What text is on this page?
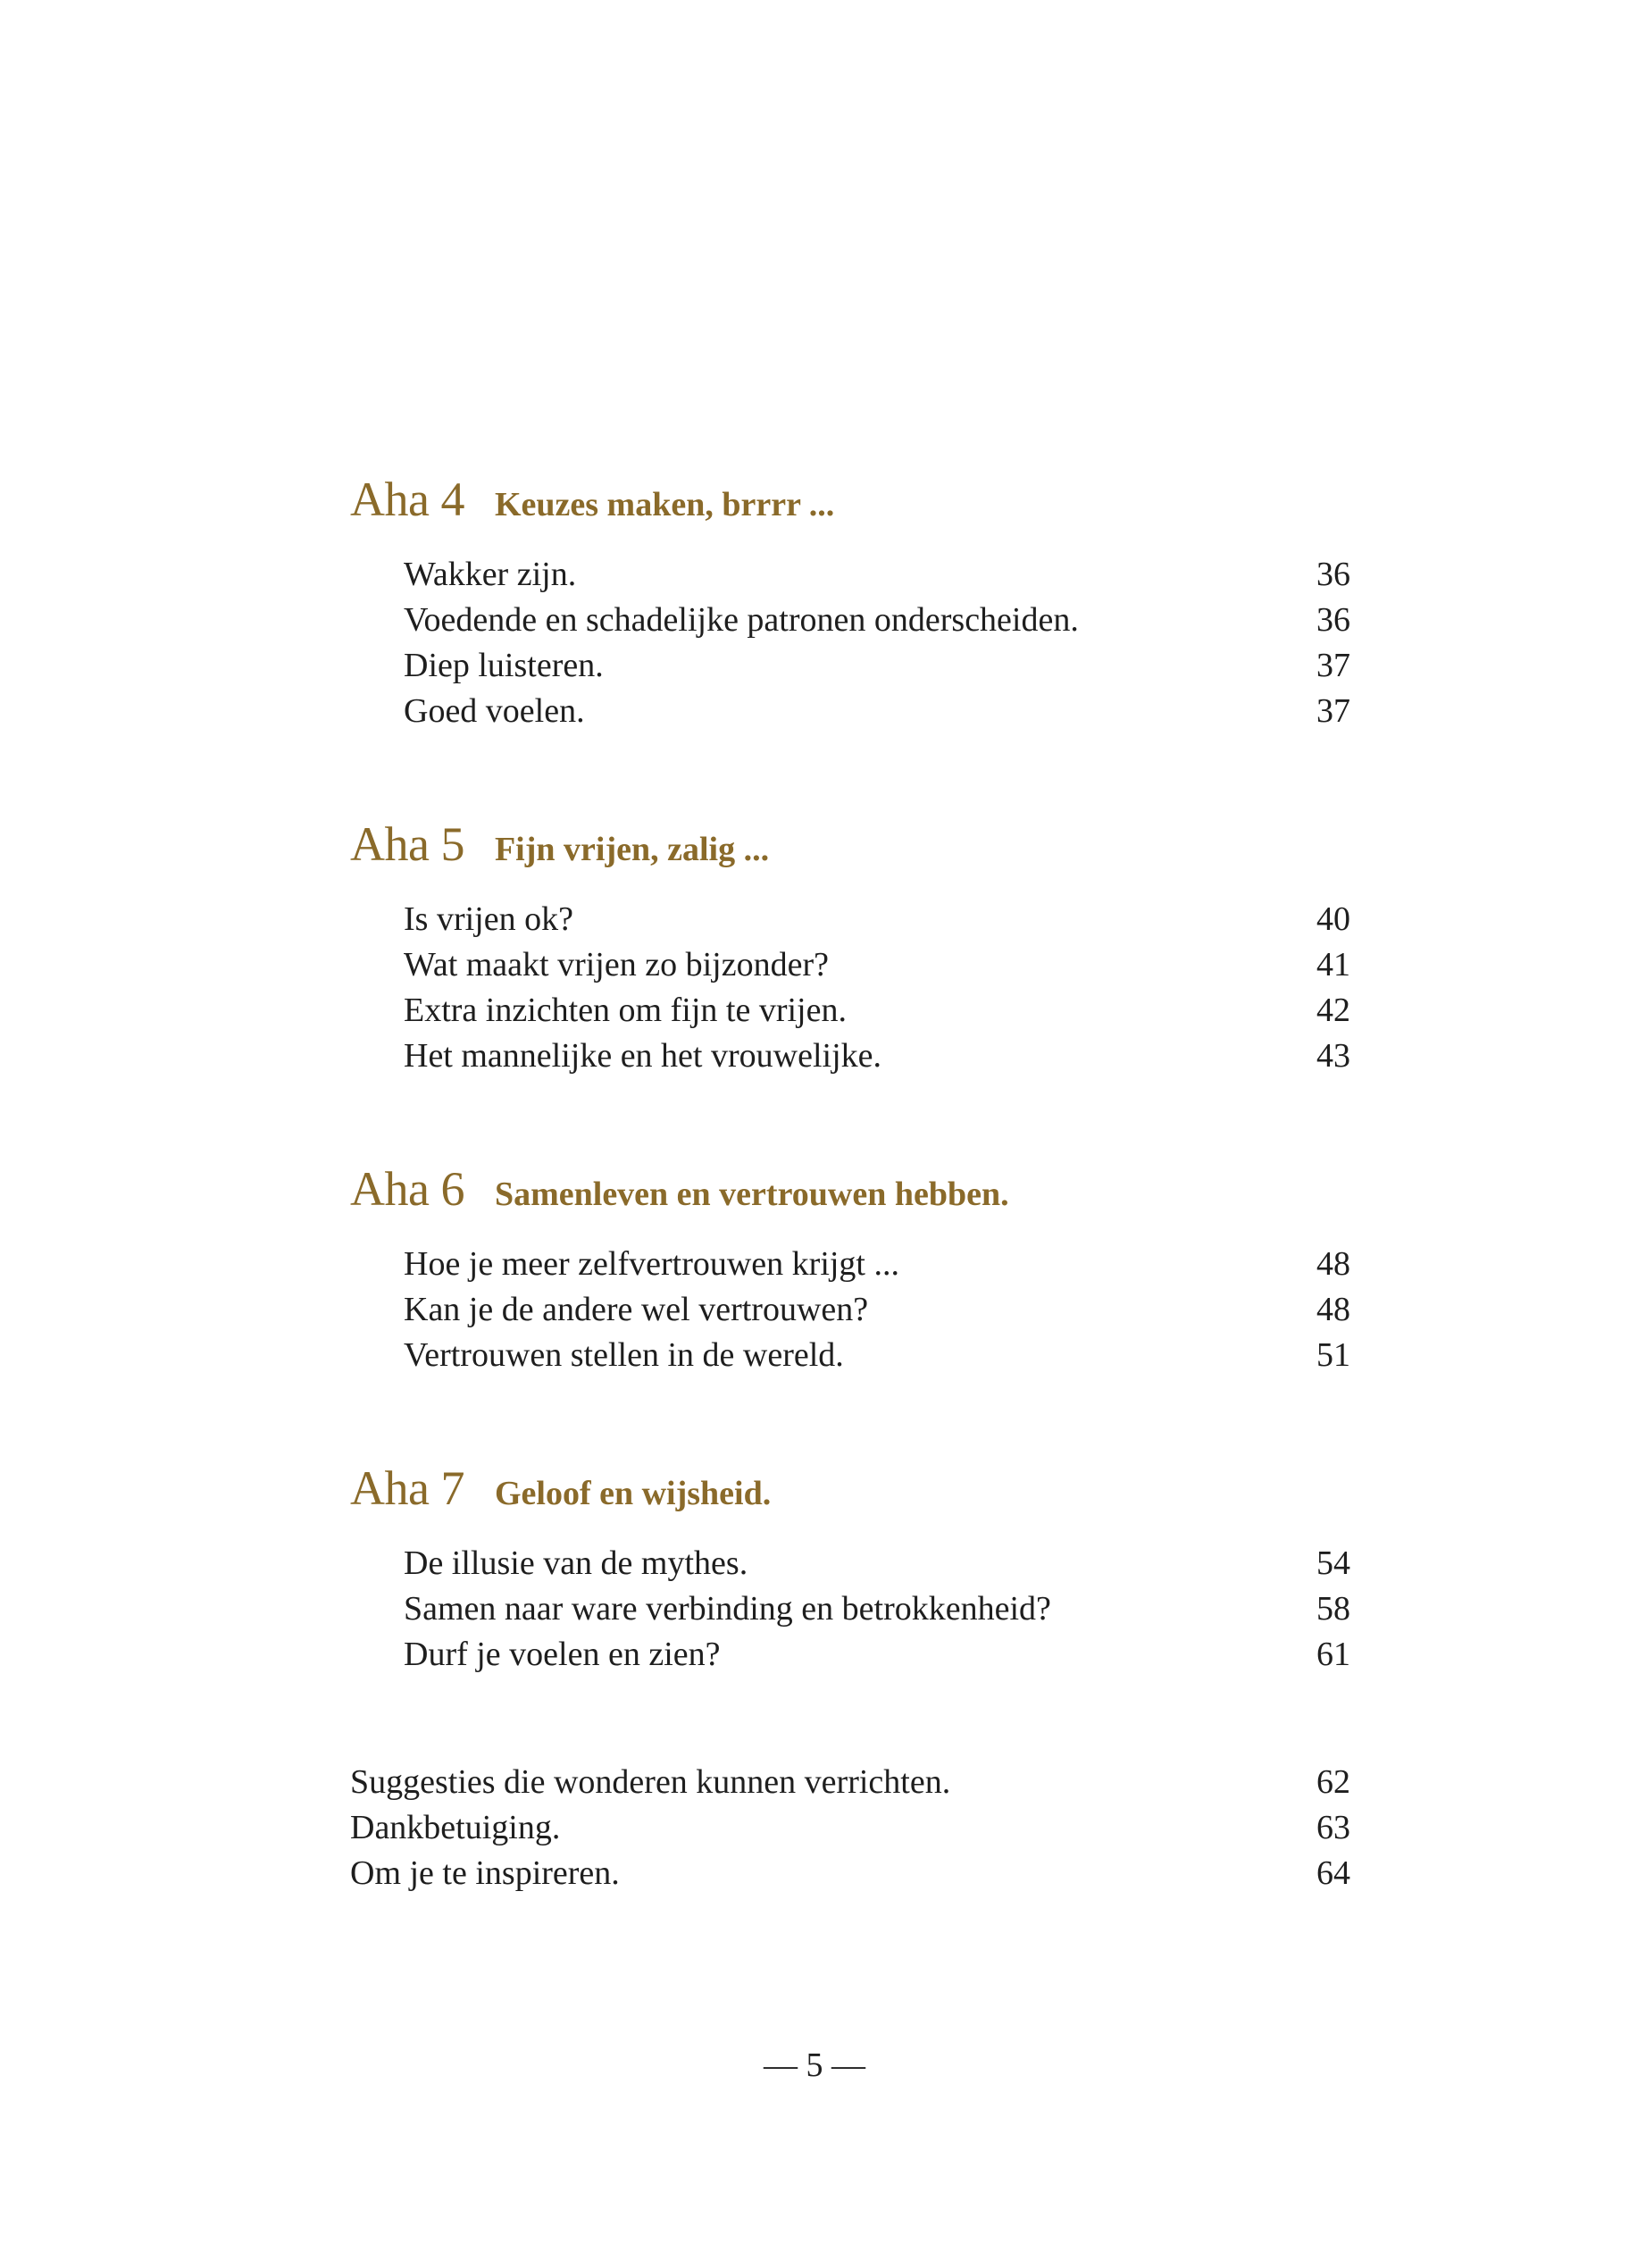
Aha 4 Keuzes maken, brrrr ...
Wakker zijn.	36
Voedende en schadelijke patronen onderscheiden.	36
Diep luisteren.	37
Goed voelen.	37
Aha 5 Fijn vrijen, zalig ...
Is vrijen ok?	40
Wat maakt vrijen zo bijzonder?	41
Extra inzichten om fijn te vrijen.	42
Het mannelijke en het vrouwelijke.	43
Aha 6 Samenleven en vertrouwen hebben.
Hoe je meer zelfvertrouwen krijgt ...	48
Kan je de andere wel vertrouwen?	48
Vertrouwen stellen in de wereld.	51
Aha 7 Geloof en wijsheid.
De illusie van de mythes.	54
Samen naar ware verbinding en betrokkenheid?	58
Durf je voelen en zien?	61
Suggesties die wonderen kunnen verrichten.	62
Dankbetuiging.	63
Om je te inspireren.	64
— 5 —
